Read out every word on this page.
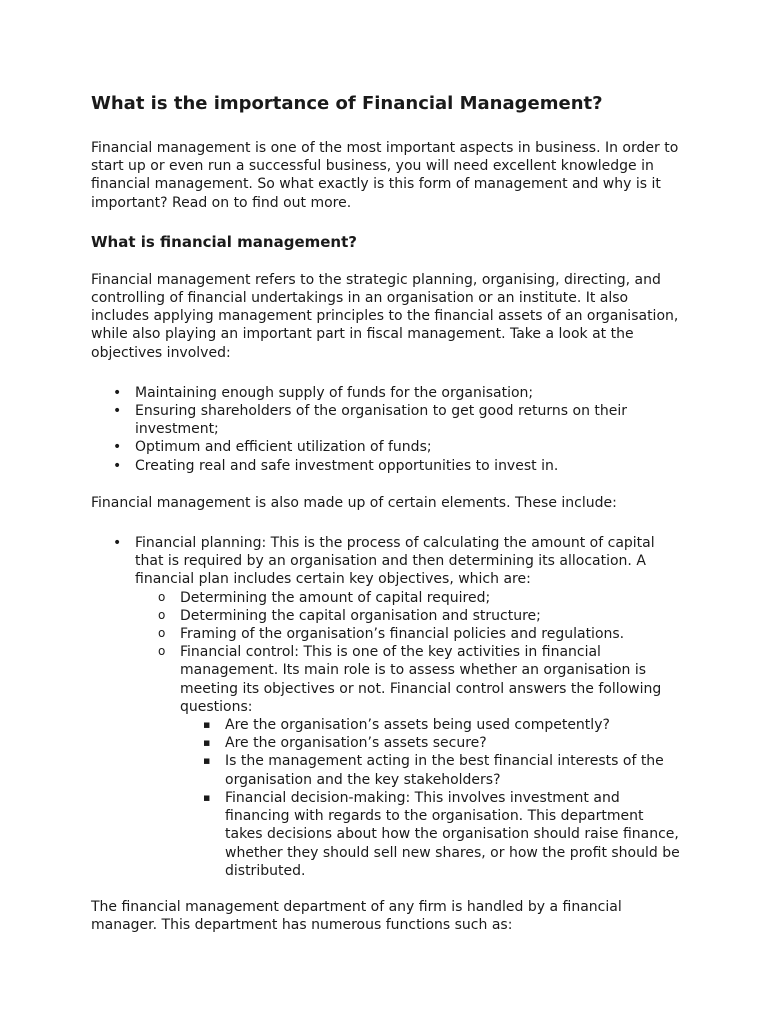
What is the importance of Financial Management?

Financial management is one of the most important aspects in business. In order to start up or even run a successful business, you will need excellent knowledge in financial management. So what exactly is this form of management and why is it important? Read on to find out more.

What is financial management?

Financial management refers to the strategic planning, organising, directing, and controlling of financial undertakings in an organisation or an institute. It also includes applying management principles to the financial assets of an organisation, while also playing an important part in fiscal management. Take a look at the objectives involved:

• Maintaining enough supply of funds for the organisation;
• Ensuring shareholders of the organisation to get good returns on their investment;
• Optimum and efficient utilization of funds;
• Creating real and safe investment opportunities to invest in.

Financial management is also made up of certain elements. These include:

• Financial planning: This is the process of calculating the amount of capital that is required by an organisation and then determining its allocation. A financial plan includes certain key objectives, which are:
o Determining the amount of capital required;
o Determining the capital organisation and structure;
o Framing of the organisation’s financial policies and regulations.
o Financial control: This is one of the key activities in financial management. Its main role is to assess whether an organisation is meeting its objectives or not. Financial control answers the following questions:
▪ Are the organisation’s assets being used competently?
▪ Are the organisation’s assets secure?
▪ Is the management acting in the best financial interests of the organisation and the key stakeholders?
▪ Financial decision-making: This involves investment and financing with regards to the organisation. This department takes decisions about how the organisation should raise finance, whether they should sell new shares, or how the profit should be distributed.

The financial management department of any firm is handled by a financial manager. This department has numerous functions such as:
